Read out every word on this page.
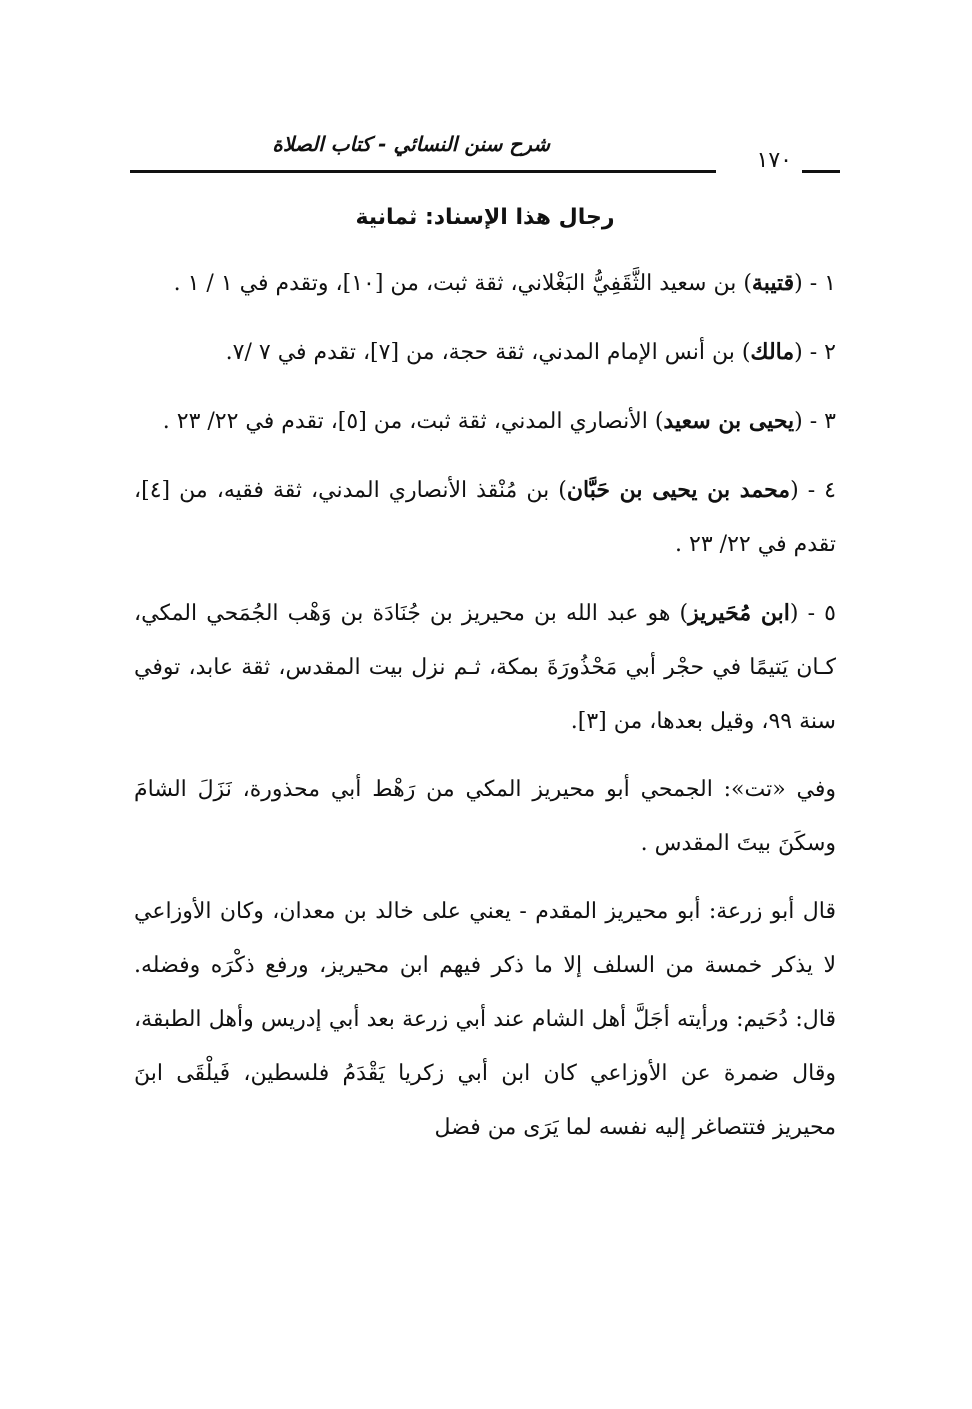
شرح سنن النسائي - كتاب الصلاة
١٧٠
رجال هذا الإسناد: ثمانية

١ - (قتيبة) بن سعيد الثَّقَفِيُّ البَغْلاني، ثقة ثبت، من [١٠]، وتقدم في ١ / ١ .

٢ - (مالك) بن أنس الإمام المدني، ثقة حجة، من [٧]، تقدم في ٧ /٧.

٣ - (يحيى بن سعيد) الأنصاري المدني، ثقة ثبت، من [٥]، تقدم في ٢٢/ ٢٣ .

٤ - (محمد بن يحيى بن حَبَّان) بن مُنْقذ الأنصاري المدني، ثقة فقيه، من [٤]، تقدم في ٢٢/ ٢٣ .

٥ - (ابن مُحَيريز) هو عبد الله بن محيريز بن جُنَادَة بن وَهْب الجُمَحي المكي، كـان يَتيمًا في حجْر أبي مَحْذُورَةَ بمكة، ثـم نزل بيت المقدس، ثقة عابد، توفي سنة ٩٩، وقيل بعدها، من [٣].

وفي «تت»: الجمحي أبو محيريز المكي من رَهْط أبي محذورة، نَزَلَ الشامَ وسكَنَ بيتَ المقدس .

قال أبو زرعة: أبو محيريز المقدم - يعني على خالد بن معدان، وكان الأوزاعي لا يذكر خمسة من السلف إلا ما ذكر فيهم ابن محيريز، ورفع ذكْرَه وفضله. قال: دُحَيم: ورأيته أجَلَّ أهل الشام عند أبي زرعة بعد أبي إدريس وأهل الطبقة، وقال ضمرة عن الأوزاعي كان ابن أبي زكريا يَقْدَمُ فلسطين، فَيلْقَى ابنَ محيريز فتتصاغر إليه نفسه لما يَرَى من فضل
